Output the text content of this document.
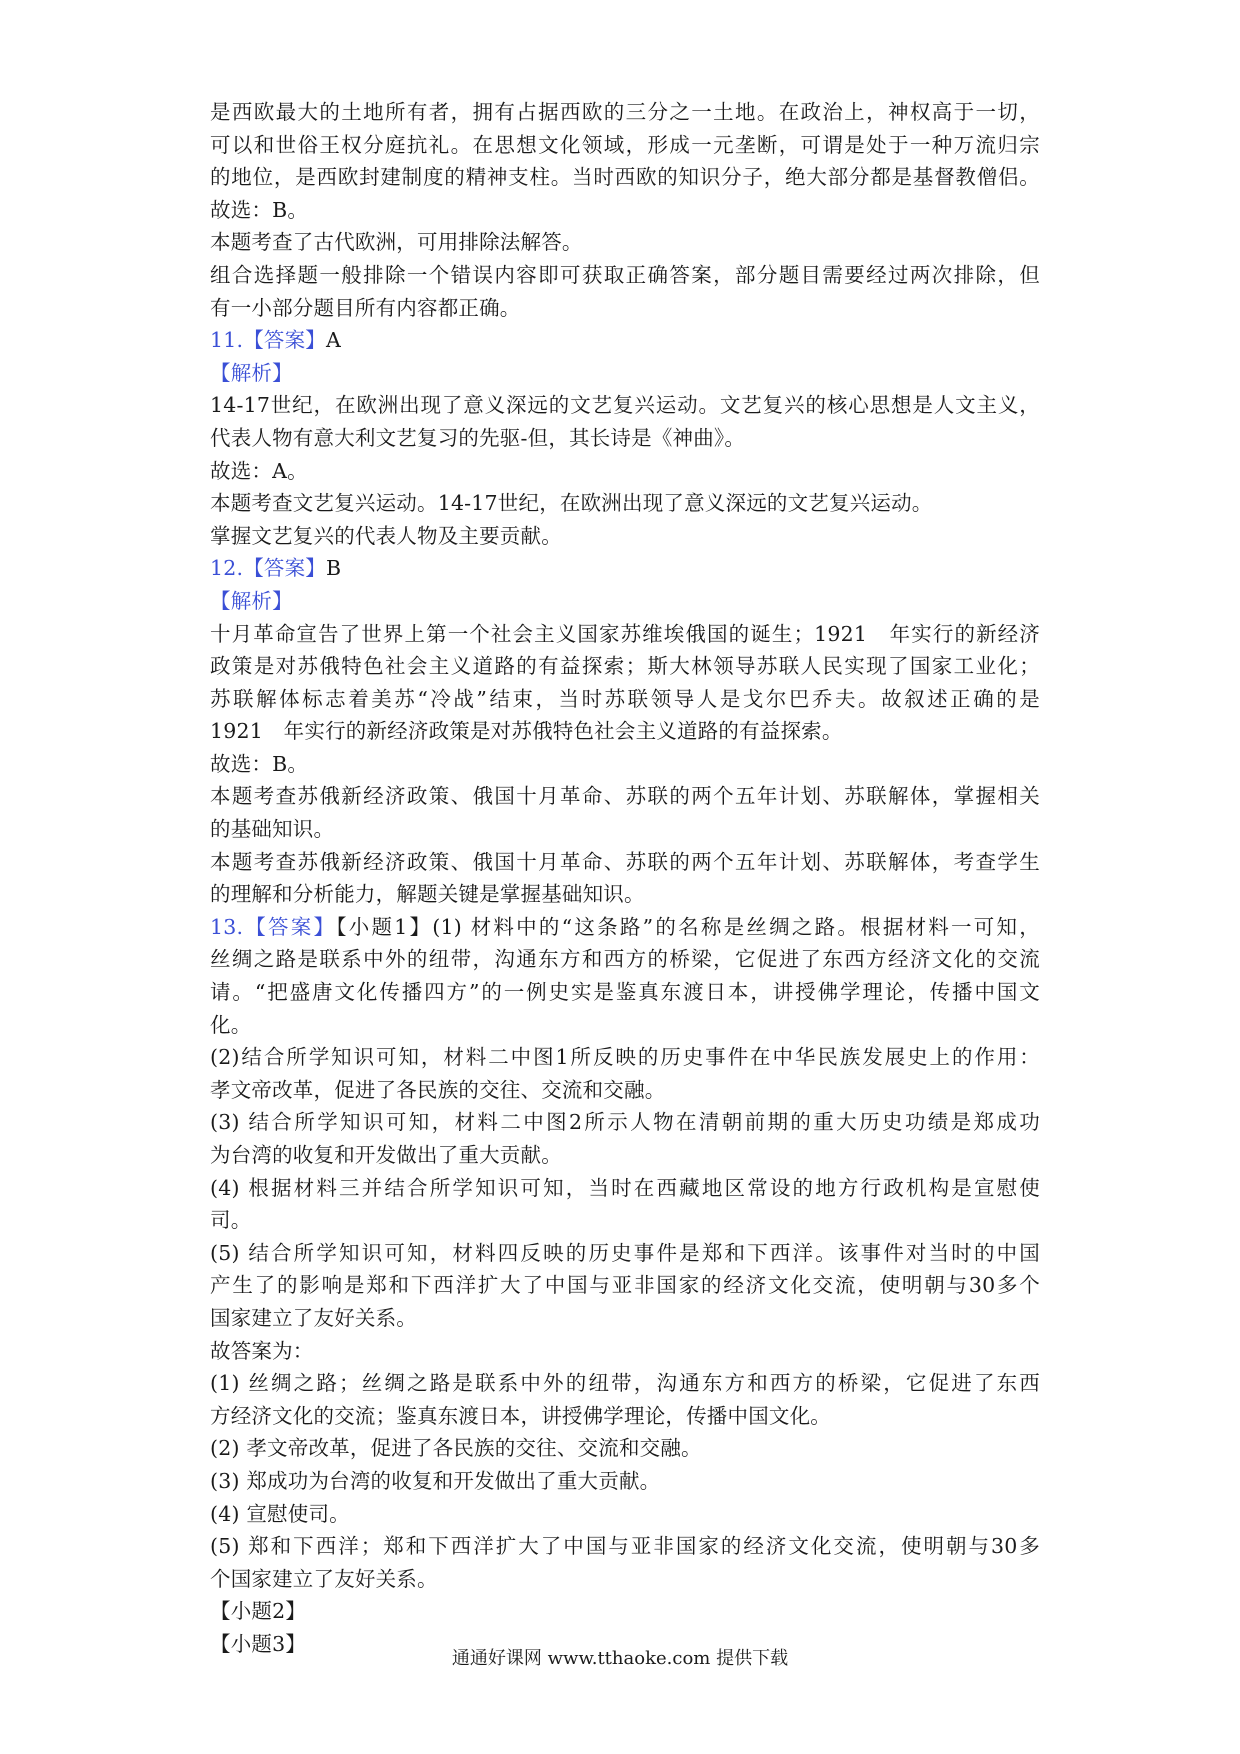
是西欧最大的土地所有者，拥有占据西欧的三分之一土地。在政治上，神权高于一切，
可以和世俗王权分庭抗礼。在思想文化领域，形成一元垄断，可谓是处于一种万流归宗
的地位，是西欧封建制度的精神支柱。当时西欧的知识分子，绝大部分都是基督教僧侣。
故选：B。
本题考查了古代欧洲，可用排除法解答。
组合选择题一般排除一个错误内容即可获取正确答案，部分题目需要经过两次排除，但
有一小部分题目所有内容都正确。
11.【答案】A
【解析】
14-17世纪，在欧洲出现了意义深远的文艺复兴运动。文艺复兴的核心思想是人文主义，
代表人物有意大利文艺复习的先驱-但，其长诗是《神曲》。
故选：A。
本题考查文艺复兴运动。14-17世纪，在欧洲出现了意义深远的文艺复兴运动。
掌握文艺复兴的代表人物及主要贡献。
12.【答案】B
【解析】
十月革命宣告了世界上第一个社会主义国家苏维埃俄国的诞生；1921　年实行的新经济
政策是对苏俄特色社会主义道路的有益探索；斯大林领导苏联人民实现了国家工业化；
苏联解体标志着美苏“冷战”结束，当时苏联领导人是戈尔巴乔夫。故叙述正确的是
1921　年实行的新经济政策是对苏俄特色社会主义道路的有益探索。
故选：B。
本题考查苏俄新经济政策、俄国十月革命、苏联的两个五年计划、苏联解体，掌握相关
的基础知识。
本题考查苏俄新经济政策、俄国十月革命、苏联的两个五年计划、苏联解体，考查学生
的理解和分析能力，解题关键是掌握基础知识。
13.【答案】【小题1】(1) 材料中的“这条路”的名称是丝绸之路。根据材料一可知，
丝绸之路是联系中外的纽带，沟通东方和西方的桥梁，它促进了东西方经济文化的交流
请。“把盛唐文化传播四方”的一例史实是鉴真东渡日本，讲授佛学理论，传播中国文
化。
(2)结合所学知识可知，材料二中图1所反映的历史事件在中华民族发展史上的作用：
孝文帝改革，促进了各民族的交往、交流和交融。
(3) 结合所学知识可知，材料二中图2所示人物在清朝前期的重大历史功绩是郑成功
为台湾的收复和开发做出了重大贡献。
(4) 根据材料三并结合所学知识可知，当时在西藏地区常设的地方行政机构是宣慰使
司。
(5) 结合所学知识可知，材料四反映的历史事件是郑和下西洋。该事件对当时的中国
产生了的影响是郑和下西洋扩大了中国与亚非国家的经济文化交流，使明朝与30多个
国家建立了友好关系。
故答案为：
(1) 丝绸之路；丝绸之路是联系中外的纽带，沟通东方和西方的桥梁，它促进了东西
方经济文化的交流；鉴真东渡日本，讲授佛学理论，传播中国文化。
(2) 孝文帝改革，促进了各民族的交往、交流和交融。
(3) 郑成功为台湾的收复和开发做出了重大贡献。
(4) 宣慰使司。
(5) 郑和下西洋；郑和下西洋扩大了中国与亚非国家的经济文化交流，使明朝与30多
个国家建立了友好关系。
【小题2】
【小题3】
通通好课网 www.tthaoke.com 提供下载
